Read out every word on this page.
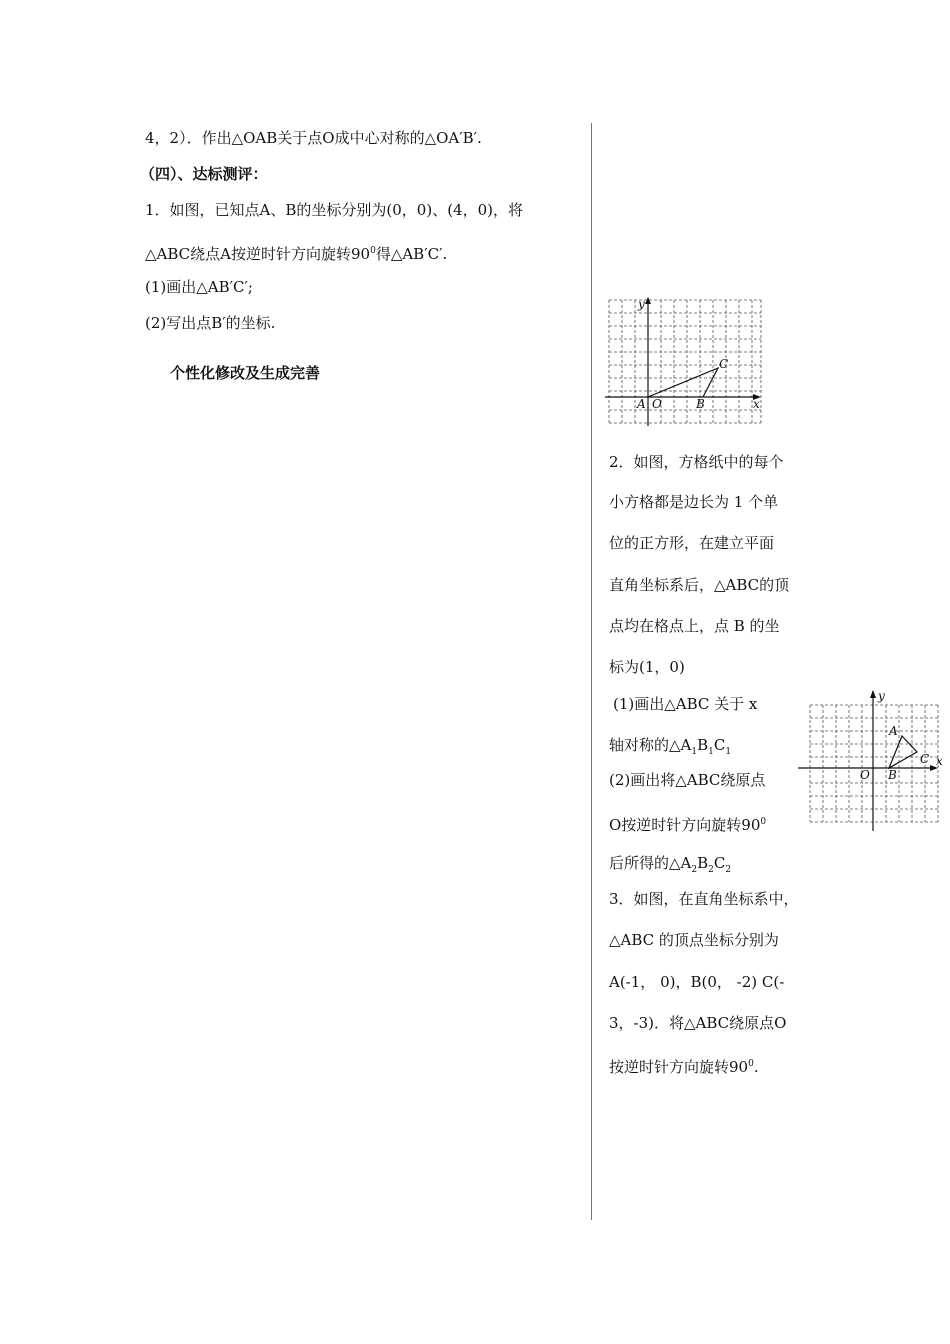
4，2）．作出△OAB关于点O成中心对称的△OA′B′.
（四）、达标测评：
1．如图，已知点A、B的坐标分别为(0，0)、(4，0)，将
△ABC绕点A按逆时针方向旋转$90^0$得△AB′C′.
(1)画出△AB′C′;
(2)写出点B′的坐标.
个性化修改及生成完善
y
x
A O	B
C
2．如图，方格纸中的每个
小方格都是边长为 1 个单
位的正方形，在建立平面
直角坐标系后，△ABC的顶
点均在格点上，点 B 的坐
标为(1，0)
(1)画出△ABC 关于 x
轴对称的$\triangle A_1B_1C_1$
(2)画出将△ABC绕原点
O按逆时针方向旋转$90^0$
后所得的$\triangle A_2B_2C_2$
y
x
A
O B
C
3．如图，在直角坐标系中，
△ABC 的顶点坐标分别为
A(-1， 0)，B(0， -2) C(-
3，-3)．将△ABC绕原点O
按逆时针方向旋转$90^0$.
